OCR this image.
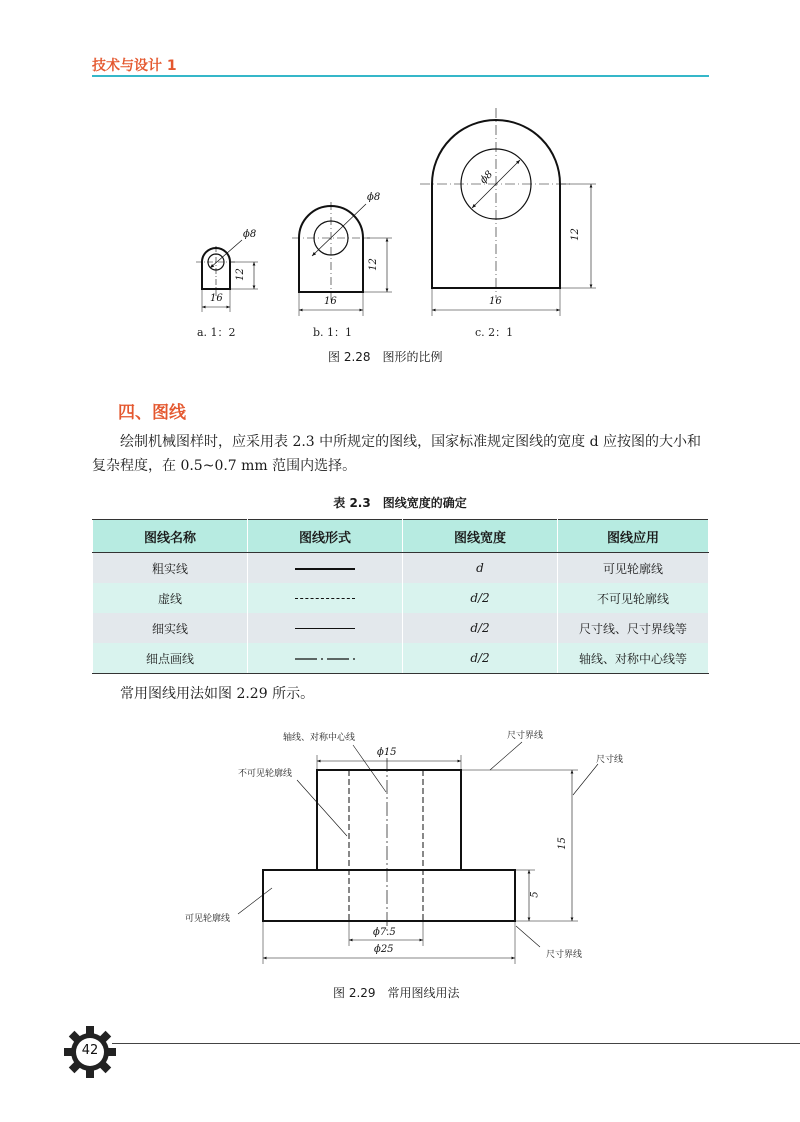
技术与设计 1
ϕ8
12
16
ϕ8
12
16
ϕ8
12
16
a. 1：2	b. 1：1	c. 2：1
图 2.28　图形的比例
四、图线

绘制机械图样时，应采用表 2.3 中所规定的图线，国家标准规定图线的宽度 d 应按图的大小和复杂程度，在 0.5~0.7 mm 范围内选择。

表 2.3　图线宽度的确定
图线名称	图线形式	图线宽度	图线应用
粗实线		d	可见轮廓线
虚线		d/2	不可见轮廓线
细实线		d/2	尺寸线、尺寸界线等
细点画线		d/2	轴线、对称中心线等

常用图线用法如图 2.29 所示。

轴线、对称中心线	尺寸界线
尺寸线
不可见轮廓线
可见轮廓线
尺寸界线
ϕ15
15
5
ϕ7.5
ϕ25
图 2.29　常用图线用法
42
